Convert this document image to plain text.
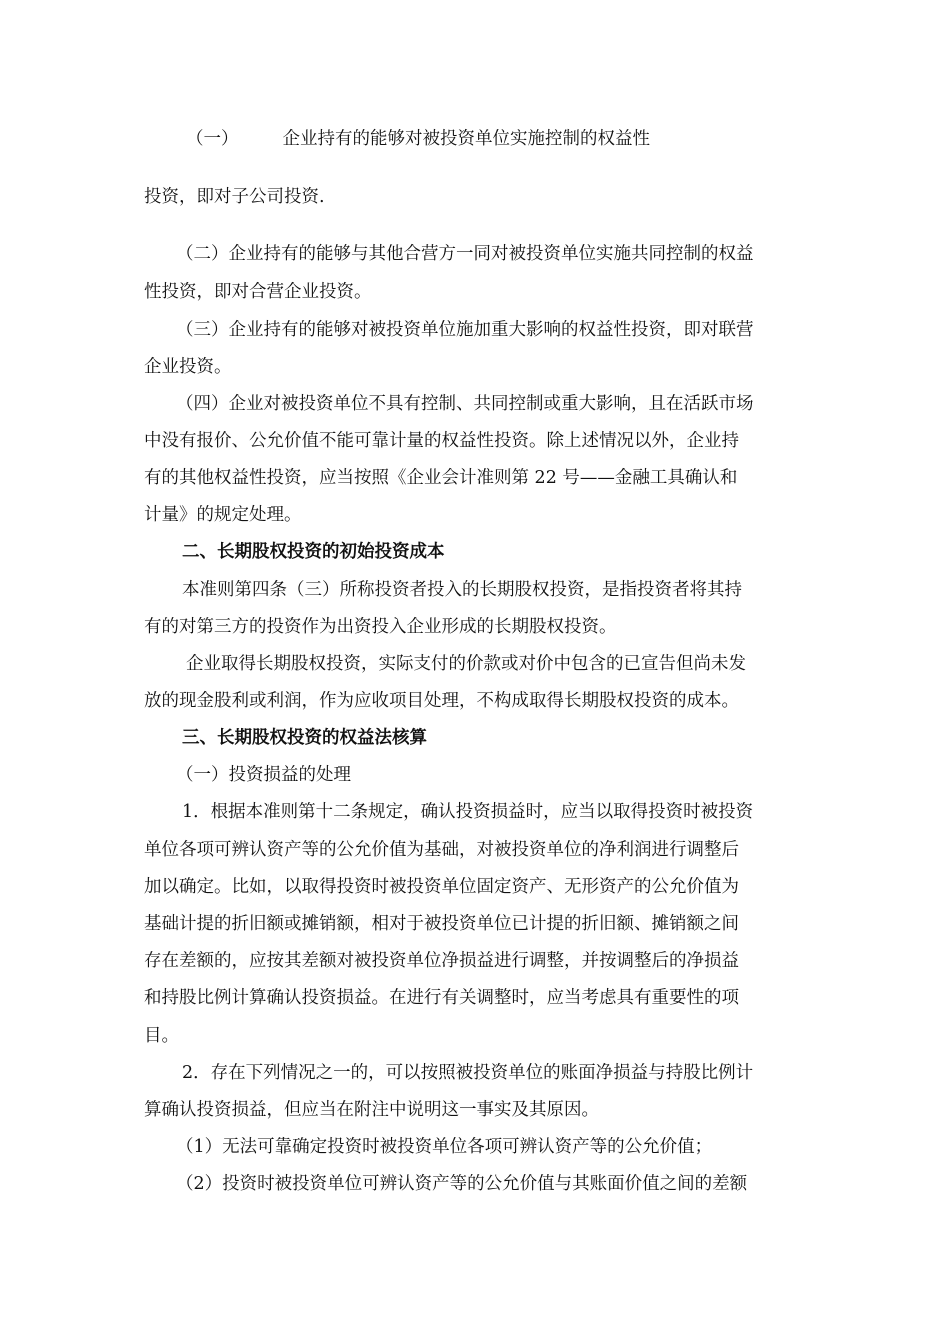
（一）	企业持有的能够对被投资单位实施控制的权益性
投资，即对子公司投资.
（二）企业持有的能够与其他合营方一同对被投资单位实施共同控制的权益
性投资，即对合营企业投资。
（三）企业持有的能够对被投资单位施加重大影响的权益性投资，即对联营
企业投资。
（四）企业对被投资单位不具有控制、共同控制或重大影响，且在活跃市场
中没有报价、公允价值不能可靠计量的权益性投资。除上述情况以外，企业持
有的其他权益性投资，应当按照《企业会计准则第 22 号——金融工具确认和
计量》的规定处理。
二、长期股权投资的初始投资成本
本准则第四条（三）所称投资者投入的长期股权投资，是指投资者将其持
有的对第三方的投资作为出资投入企业形成的长期股权投资。
企业取得长期股权投资，实际支付的价款或对价中包含的已宣告但尚未发
放的现金股利或利润，作为应收项目处理，不构成取得长期股权投资的成本。
三、长期股权投资的权益法核算
（一）投资损益的处理
1．根据本准则第十二条规定，确认投资损益时，应当以取得投资时被投资
单位各项可辨认资产等的公允价值为基础，对被投资单位的净利润进行调整后
加以确定。比如，以取得投资时被投资单位固定资产、无形资产的公允价值为
基础计提的折旧额或摊销额，相对于被投资单位已计提的折旧额、摊销额之间
存在差额的，应按其差额对被投资单位净损益进行调整，并按调整后的净损益
和持股比例计算确认投资损益。在进行有关调整时，应当考虑具有重要性的项
目。
2．存在下列情况之一的，可以按照被投资单位的账面净损益与持股比例计
算确认投资损益，但应当在附注中说明这一事实及其原因。
（1）无法可靠确定投资时被投资单位各项可辨认资产等的公允价值；
（2）投资时被投资单位可辨认资产等的公允价值与其账面价值之间的差额
